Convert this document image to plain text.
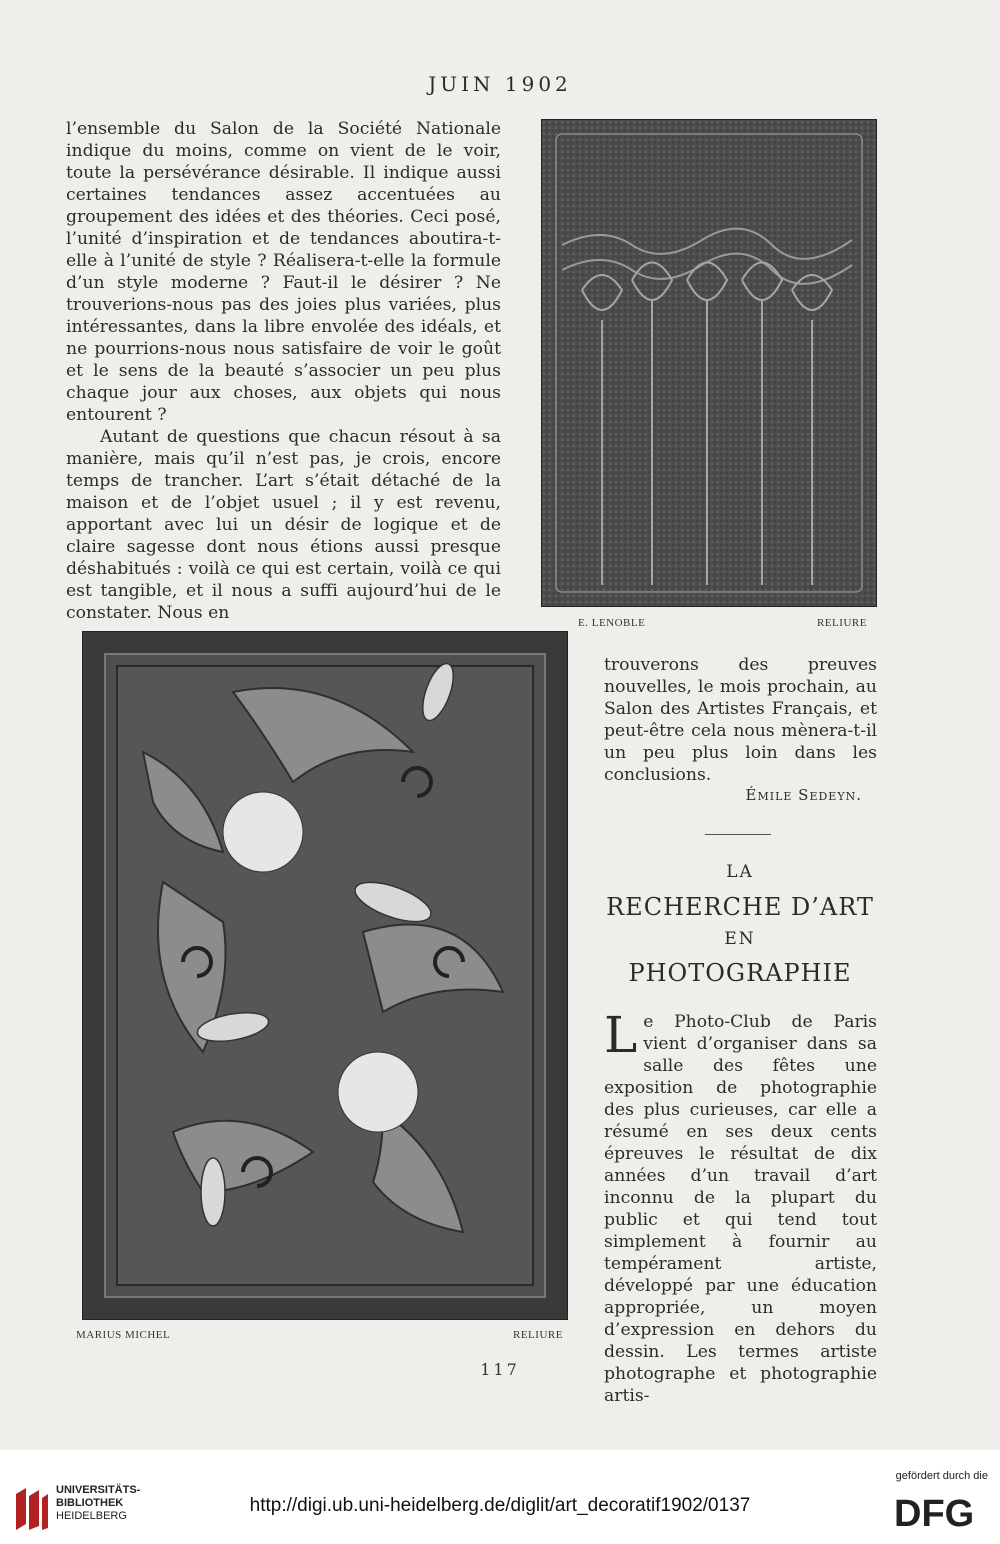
JUIN 1902

l’ensemble du Salon de la Société Nationale indique du moins, comme on vient de le voir, toute la persévérance désirable. Il indique aussi certaines tendances assez accentuées au groupement des idées et des théories. Ceci posé, l’unité d’inspiration et de tendances aboutira-t-elle à l’unité de style ? Réalisera-t-elle la formule d’un style moderne ? Faut-il le désirer ? Ne trouverions-nous pas des joies plus variées, plus intéressantes, dans la libre envolée des idéals, et ne pourrions-nous nous satisfaire de voir le goût et le sens de la beauté s’associer un peu plus chaque jour aux choses, aux objets qui nous entourent ?

Autant de questions que chacun résout à sa manière, mais qu’il n’est pas, je crois, encore temps de trancher. L’art s’était détaché de la maison et de l’objet usuel ; il y est revenu, apportant avec lui un désir de logique et de claire sagesse dont nous étions aussi presque déshabitués : voilà ce qui est certain, voilà ce qui est tangible, et il nous a suffi aujourd’hui de le constater. Nous en	E. LENOBLE	RELIURE
MARIUS MICHEL	RELIURE

trouverons des preuves nouvelles, le mois prochain, au Salon des Artistes Français, et peut-être cela nous mènera-t-il un peu plus loin dans les conclusions.

Émile Sedeyn.
LA
RECHERCHE D’ART
EN
PHOTOGRAPHIE

Le Photo-Club de Paris vient d’organiser dans sa salle des fêtes une exposition de photographie des plus curieuses, car elle a résumé en ses deux cents épreuves le résultat de dix années d’un travail d’art inconnu de la plupart du public et qui tend tout simplement à fournir au tempérament artiste, développé par une éducation appropriée, un moyen d’expression en dehors du dessin. Les termes artiste photographe et photographie artis-

117
UNIVERSITÄTS-
BIBLIOTHEK
HEIDELBERG	http://digi.ub.uni-heidelberg.de/diglit/art_decoratif1902/0137
gefördert durch die
DFG
